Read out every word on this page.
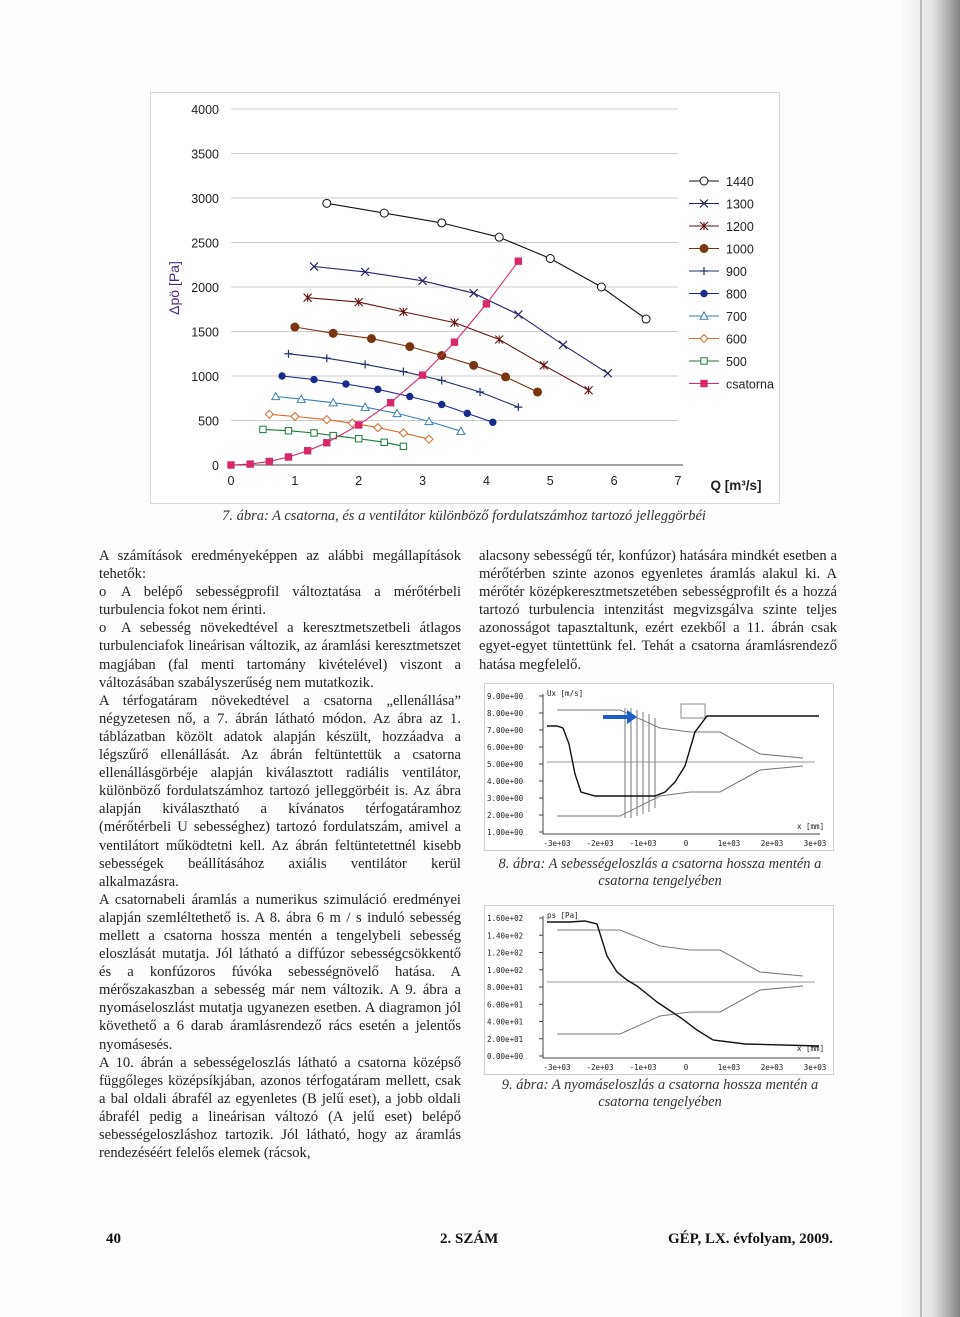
Δpö [Pa]
Q [m³/s]
0
500
1000
1500
2000
2500
3000
3500
4000
0	1	2	3	4	5	6	7
1440
1300
1200
1000
900
800
700
600
500
csatorna
7. ábra: A csatorna, és a ventilátor különböző fordulatszámhoz tartozó jelleggörbéi

A számítások eredményeképpen az alábbi megállapítások tehetők:

o A belépő sebességprofil változtatása a mérőtérbeli turbulencia fokot nem érinti.

o A sebesség növekedtével a keresztmetszetbeli átlagos turbulenciafok lineárisan változik, az áramlási keresztmetszet magjában (fal menti tartomány kivételével) viszont a változásában szabályszerűség nem mutatkozik.

A térfogatáram növekedtével a csatorna „ellenállása” négyzetesen nő, a 7. ábrán látható módon. Az ábra az 1. táblázatban közölt adatok alapján készült, hozzáadva a légszűrő ellenállását. Az ábrán feltüntettük a csatorna ellenállásgörbéje alapján kiválasztott radiális ventilátor, különböző fordulatszámhoz tartozó jelleggörbéit is. Az ábra alapján kiválasztható a kívánatos térfogatáramhoz (mérőtérbeli U sebességhez) tartozó fordulatszám, amivel a ventilátort működtetni kell. Az ábrán feltüntetettnél kisebb sebességek beállításához axiális ventilátor kerül alkalmazásra.

A csatornabeli áramlás a numerikus szimuláció eredményei alapján szemléltethető is. A 8. ábra 6 m / s induló sebesség mellett a csatorna hossza mentén a tengelybeli sebesség eloszlását mutatja. Jól látható a diffúzor sebességcsökkentő és a konfúzoros fúvóka sebességnövelő hatása. A mérőszakaszban a sebesség már nem változik. A 9. ábra a nyomáseloszlást mutatja ugyanezen esetben. A diagramon jól követhető a 6 darab áramlásrendező rács esetén a jelentős nyomásesés.

A 10. ábrán a sebességeloszlás látható a csatorna középső függőleges középsíkjában, azonos térfogatáram mellett, csak a bal oldali ábrafél az egyenletes (B jelű eset), a jobb oldali ábrafél pedig a lineárisan változó (A jelű eset) belépő sebességeloszláshoz tartozik. Jól látható, hogy az áramlás rendezéséért felelős elemek (rácsok,

alacsony sebességű tér, konfúzor) hatására mindkét esetben a mérőtérben szinte azonos egyenletes áramlás alakul ki. A mérőtér középkeresztmetszetében sebességprofilt és a hozzá tartozó turbulencia intenzitást megvizsgálva szinte teljes azonosságot tapasztaltunk, ezért ezekből a 11. ábrán csak egyet-egyet tüntettünk fel. Tehát a csatorna áramlásrendező hatása megfelelő.

Ux [m/s]
x [mm]
9.00e+00
8.00e+00
7.00e+00
6.00e+00
5.00e+00
4.00e+00
3.00e+00
2.00e+00
1.00e+00
-3e+03 -2e+03 -1e+03	0	1e+03	2e+03	3e+03
8. ábra: A sebességeloszlás a csatorna hossza mentén a csatorna tengelyében
ps [Pa]
x [mm]
1.60e+02
1.40e+02
1.20e+02
1.00e+02
8.00e+01
6.00e+01
4.00e+01
2.00e+01
0.00e+00
-3e+03 -2e+03 -1e+03	0	1e+03	2e+03	3e+03
9. ábra: A nyomáseloszlás a csatorna hossza mentén a csatorna tengelyében
40	2. SZÁM	GÉP, LX. évfolyam, 2009.
